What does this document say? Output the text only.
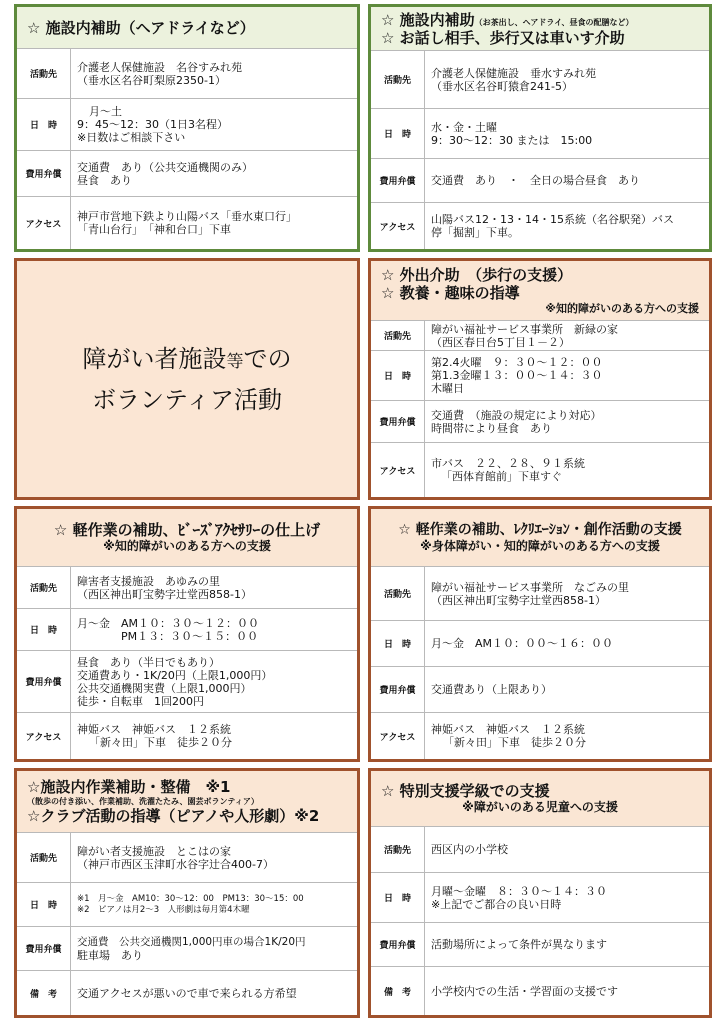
☆ 施設内補助（ヘアドライなど）
活動先
介護老人保健施設　名谷すみれ苑
（垂水区名谷町梨原2350-1）
日　時
月～土
9：45～12：30（1日3名程）
※日数はご相談下さい
費用弁償
交通費　あり（公共交通機関のみ）
昼食　あり
アクセス
神戸市営地下鉄より山陽バス「垂水東口行」
「青山台行」　「神和台口」下車
☆ 施設内補助（お茶出し、ヘアドライ、昼食の配膳など）
☆ お話し相手、歩行又は車いす介助
活動先
介護老人保健施設　垂水すみれ苑
（垂水区名谷町猿倉241-5）
日　時
水・金・土曜
9：30～12：30 または　15:00
費用弁償	交通費　あり　・　全日の場合昼食　あり
アクセス
山陽バス12・13・14・15系統（名谷駅発）バス
停「掘割」下車。
障がい者施設等での
ボランティア活動
☆ 外出介助　（歩行の支援）
☆ 教養・趣味の指導
※知的障がいのある方への支援
活動先
障がい福祉サービス事業所　新緑の家
（西区春日台5丁目１－２）
日　時
第2.4火曜　９：３０～１２：００
第1.3金曜１３：００～１４：３０
木曜日
費用弁償
交通費　（施設の規定により対応）
時間帯により昼食　あり
アクセス
市バス　２２、２８、９１系統
「西体育館前」下車すぐ
☆ 軽作業の補助、ﾋﾞｰｽﾞｱｸｾｻﾘｰの仕上げ
※知的障がいのある方への支援
活動先
障害者支援施設　あゆみの里
（西区神出町宝勢字辻堂西858-1）
日　時
月～金　AM１０：３０～１２：００
　　　　PM１３：３０～１５：００
費用弁償
昼食　あり（半日でもあり）
交通費あり・1K/20円（上限1,000円）
公共交通機関実費（上限1,000円）
徒歩・自転車　1回200円
アクセス
神姫バス　神姫バス　１２系統
「新々田」下車　徒歩２０分
☆ 軽作業の補助、ﾚｸﾘｴｰｼｮﾝ・創作活動の支援
※身体障がい・知的障がいのある方への支援
活動先
障がい福祉サービス事業所　なごみの里
（西区神出町宝勢字辻堂西858-1）
日　時	月～金　AM１０：００～１６：００
費用弁償	交通費あり（上限あり）
アクセス
神姫バス　神姫バス　１２系統
「新々田」下車　徒歩２０分
☆施設内作業補助・整備　※1
（散歩の付き添い、作業補助、洗濯たたみ、園芸ボランティア）
☆クラブ活動の指導（ピアノや人形劇）※2
活動先
障がい者支援施設　とこはの家
（神戸市西区玉津町水谷字辻合400-7）
日　時
※1　月～金　AM10：30～12：00　PM13：30～15：00
※2　ピアノは月2～3　人形劇は毎月第4木曜
費用弁償
交通費　公共交通機関1,000円車の場合1K/20円
駐車場　あり
備　考	交通アクセスが悪いので車で来られる方希望
☆ 特別支援学級での支援
※障がいのある児童への支援
活動先	西区内の小学校
日　時
月曜～金曜　８：３０～１４：３０
※上記でご都合の良い日時
費用弁償	活動場所によって条件が異なります
備　考	小学校内での生活・学習面の支援です
